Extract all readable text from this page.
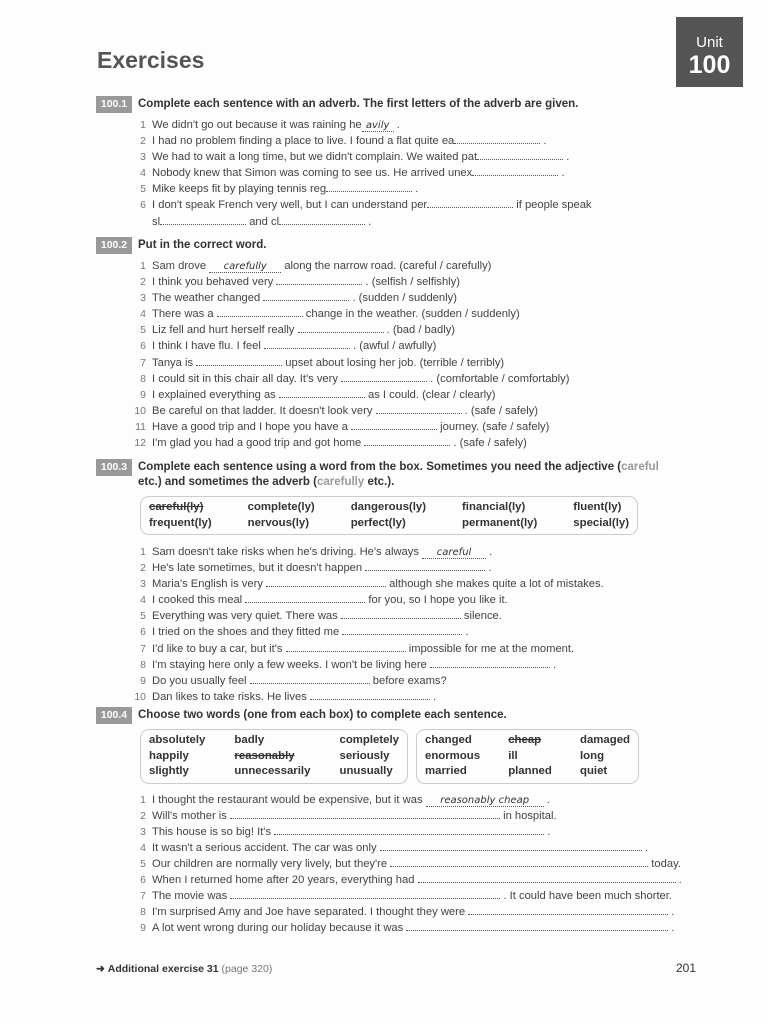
Unit
100
Exercises
100.1 Complete each sentence with an adverb. The first letters of the adverb are given.
1 We didn't go out because it was raining he avily .
2 I had no problem finding a place to live. I found a flat quite ea	.
3 We had to wait a long time, but we didn't complain. We waited pat	.
4 Nobody knew that Simon was coming to see us. He arrived unex	.
5 Mike keeps fit by playing tennis reg	.
6 I don't speak French very well, but I can understand per	if people speak
sl	and cl	.
100.2 Put in the correct word.
1 Sam drove carefully along the narrow road. (careful / carefully)
2 I think you behaved very	. (selfish / selfishly)
3 The weather changed	. (sudden / suddenly)
4 There was a	change in the weather. (sudden / suddenly)
5 Liz fell and hurt herself really	. (bad / badly)
6 I think I have flu. I feel	. (awful / awfully)
7 Tanya is	upset about losing her job. (terrible / terribly)
8 I could sit in this chair all day. It's very	. (comfortable / comfortably)
9 I explained everything as	as I could. (clear / clearly)
10 Be careful on that ladder. It doesn't look very	. (safe / safely)
11 Have a good trip and I hope you have a	journey. (safe / safely)
12 I'm glad you had a good trip and got home	. (safe / safely)
100.3 Complete each sentence using a word from the box. Sometimes you need the adjective (careful
etc.) and sometimes the adverb (carefully etc.).
careful(ly)
frequent(ly)
complete(ly)
nervous(ly)
dangerous(ly)
perfect(ly)
financial(ly)
permanent(ly)
fluent(ly)
special(ly)
1 Sam doesn't take risks when he's driving. He's always careful .
2 He's late sometimes, but it doesn't happen	.
3 Maria's English is very	although she makes quite a lot of mistakes.
4 I cooked this meal	for you, so I hope you like it.
5 Everything was very quiet. There was	silence.
6 I tried on the shoes and they fitted me	.
7 I'd like to buy a car, but it's	impossible for me at the moment.
8 I'm staying here only a few weeks. I won't be living here	.
9 Do you usually feel	before exams?
10 Dan likes to take risks. He lives	.
100.4 Choose two words (one from each box) to complete each sentence.
absolutely
happily
slightly
badly
reasonably
unnecessarily
completely
seriously
unusually
changed
enormous
married
cheap
ill
planned
damaged
long
quiet
1 I thought the restaurant would be expensive, but it was reasonably cheap .
2 Will's mother is	in hospital.
3 This house is so big! It's	.
4 It wasn't a serious accident. The car was only	.
5 Our children are normally very lively, but they're	today.
6 When I returned home after 20 years, everything had	.
7 The movie was	. It could have been much shorter.
8 I'm surprised Amy and Joe have separated. I thought they were	.
9 A lot went wrong during our holiday because it was	.
➜ Additional exercise 31 (page 320)	201
